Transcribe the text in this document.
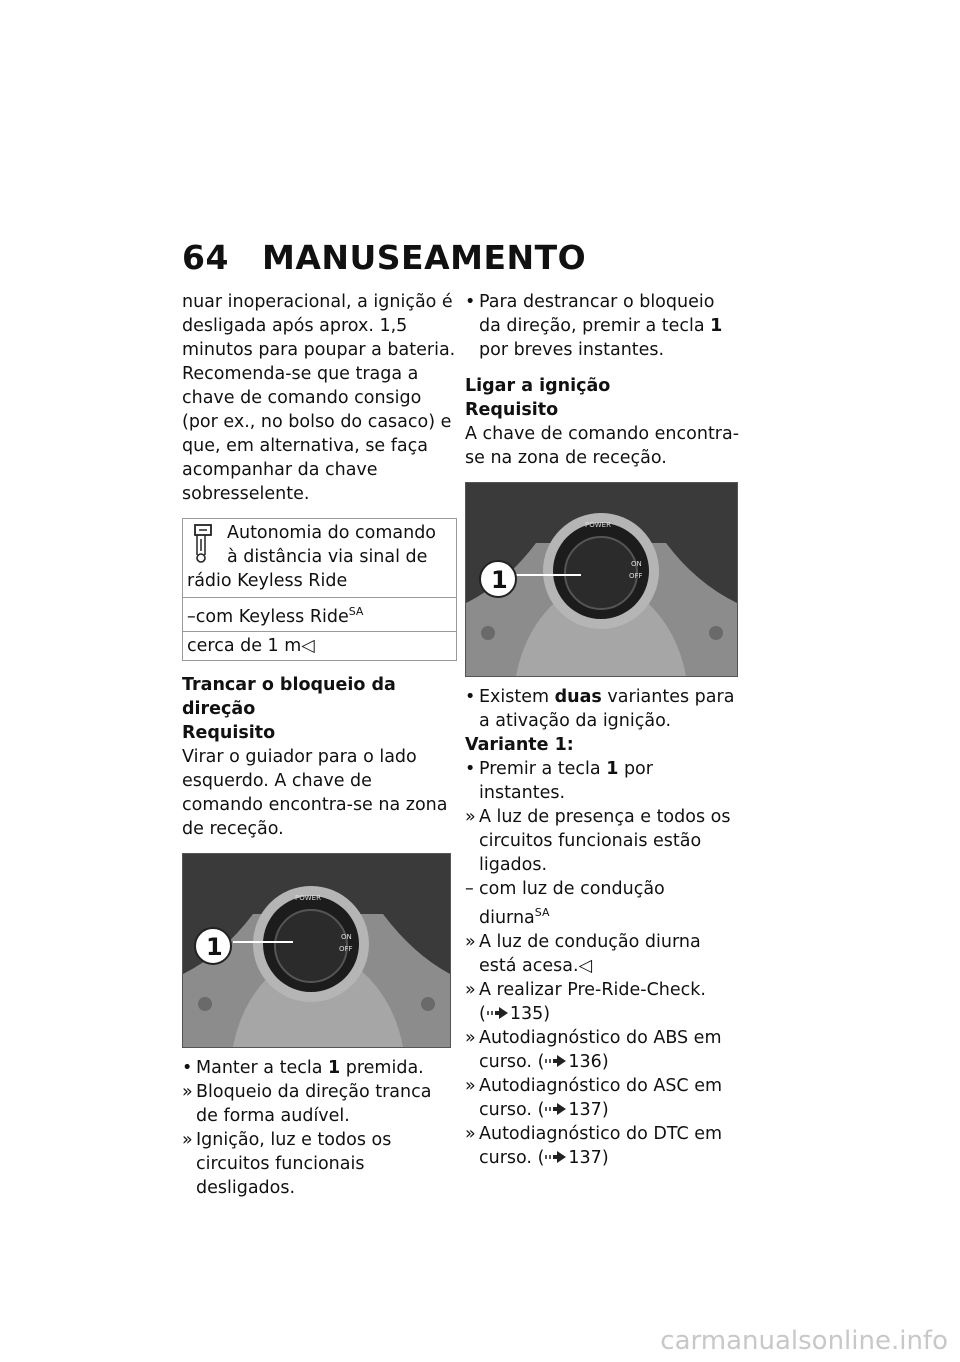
64 MANUSEAMENTO

nuar inoperacional, a ignição é desligada após aprox. 1,5 minutos para poupar a bateria.

Recomenda-se que traga a chave de comando consigo (por ex., no bolso do casaco) e que, em alternativa, se faça acompanhar da chave sobresselente.

Autonomia do comando à distância via sinal de rádio Keyless Ride
–com Keyless Ride$^{SA}$
cerca de 1 m◁

Trancar o bloqueio da direção

Requisito

Virar o guiador para o lado esquerdo. A chave de comando encontra-se na zona de receção.

POWER
ON
OFF
1

• Manter a tecla 1 premida.

» Bloqueio da direção tranca de forma audível.

» Ignição, luz e todos os circuitos funcionais desligados.

• Para destrancar o bloqueio da direção, premir a tecla 1 por breves instantes.

Ligar a ignição

Requisito

A chave de comando encontra-se na zona de receção.

POWER
ON
OFF
1

• Existem duas variantes para a ativação da ignição.

Variante 1:

• Premir a tecla 1 por instantes.

» A luz de presença e todos os circuitos funcionais estão ligados.

– com luz de condução diurna$^{SA}$

» A luz de condução diurna está acesa.◁

» A realizar Pre-Ride-Check.
( 135)

» Autodiagnóstico do ABS em curso. ( 136)

» Autodiagnóstico do ASC em curso. ( 137)

» Autodiagnóstico do DTC em curso. ( 137)

carmanualsonline.info
